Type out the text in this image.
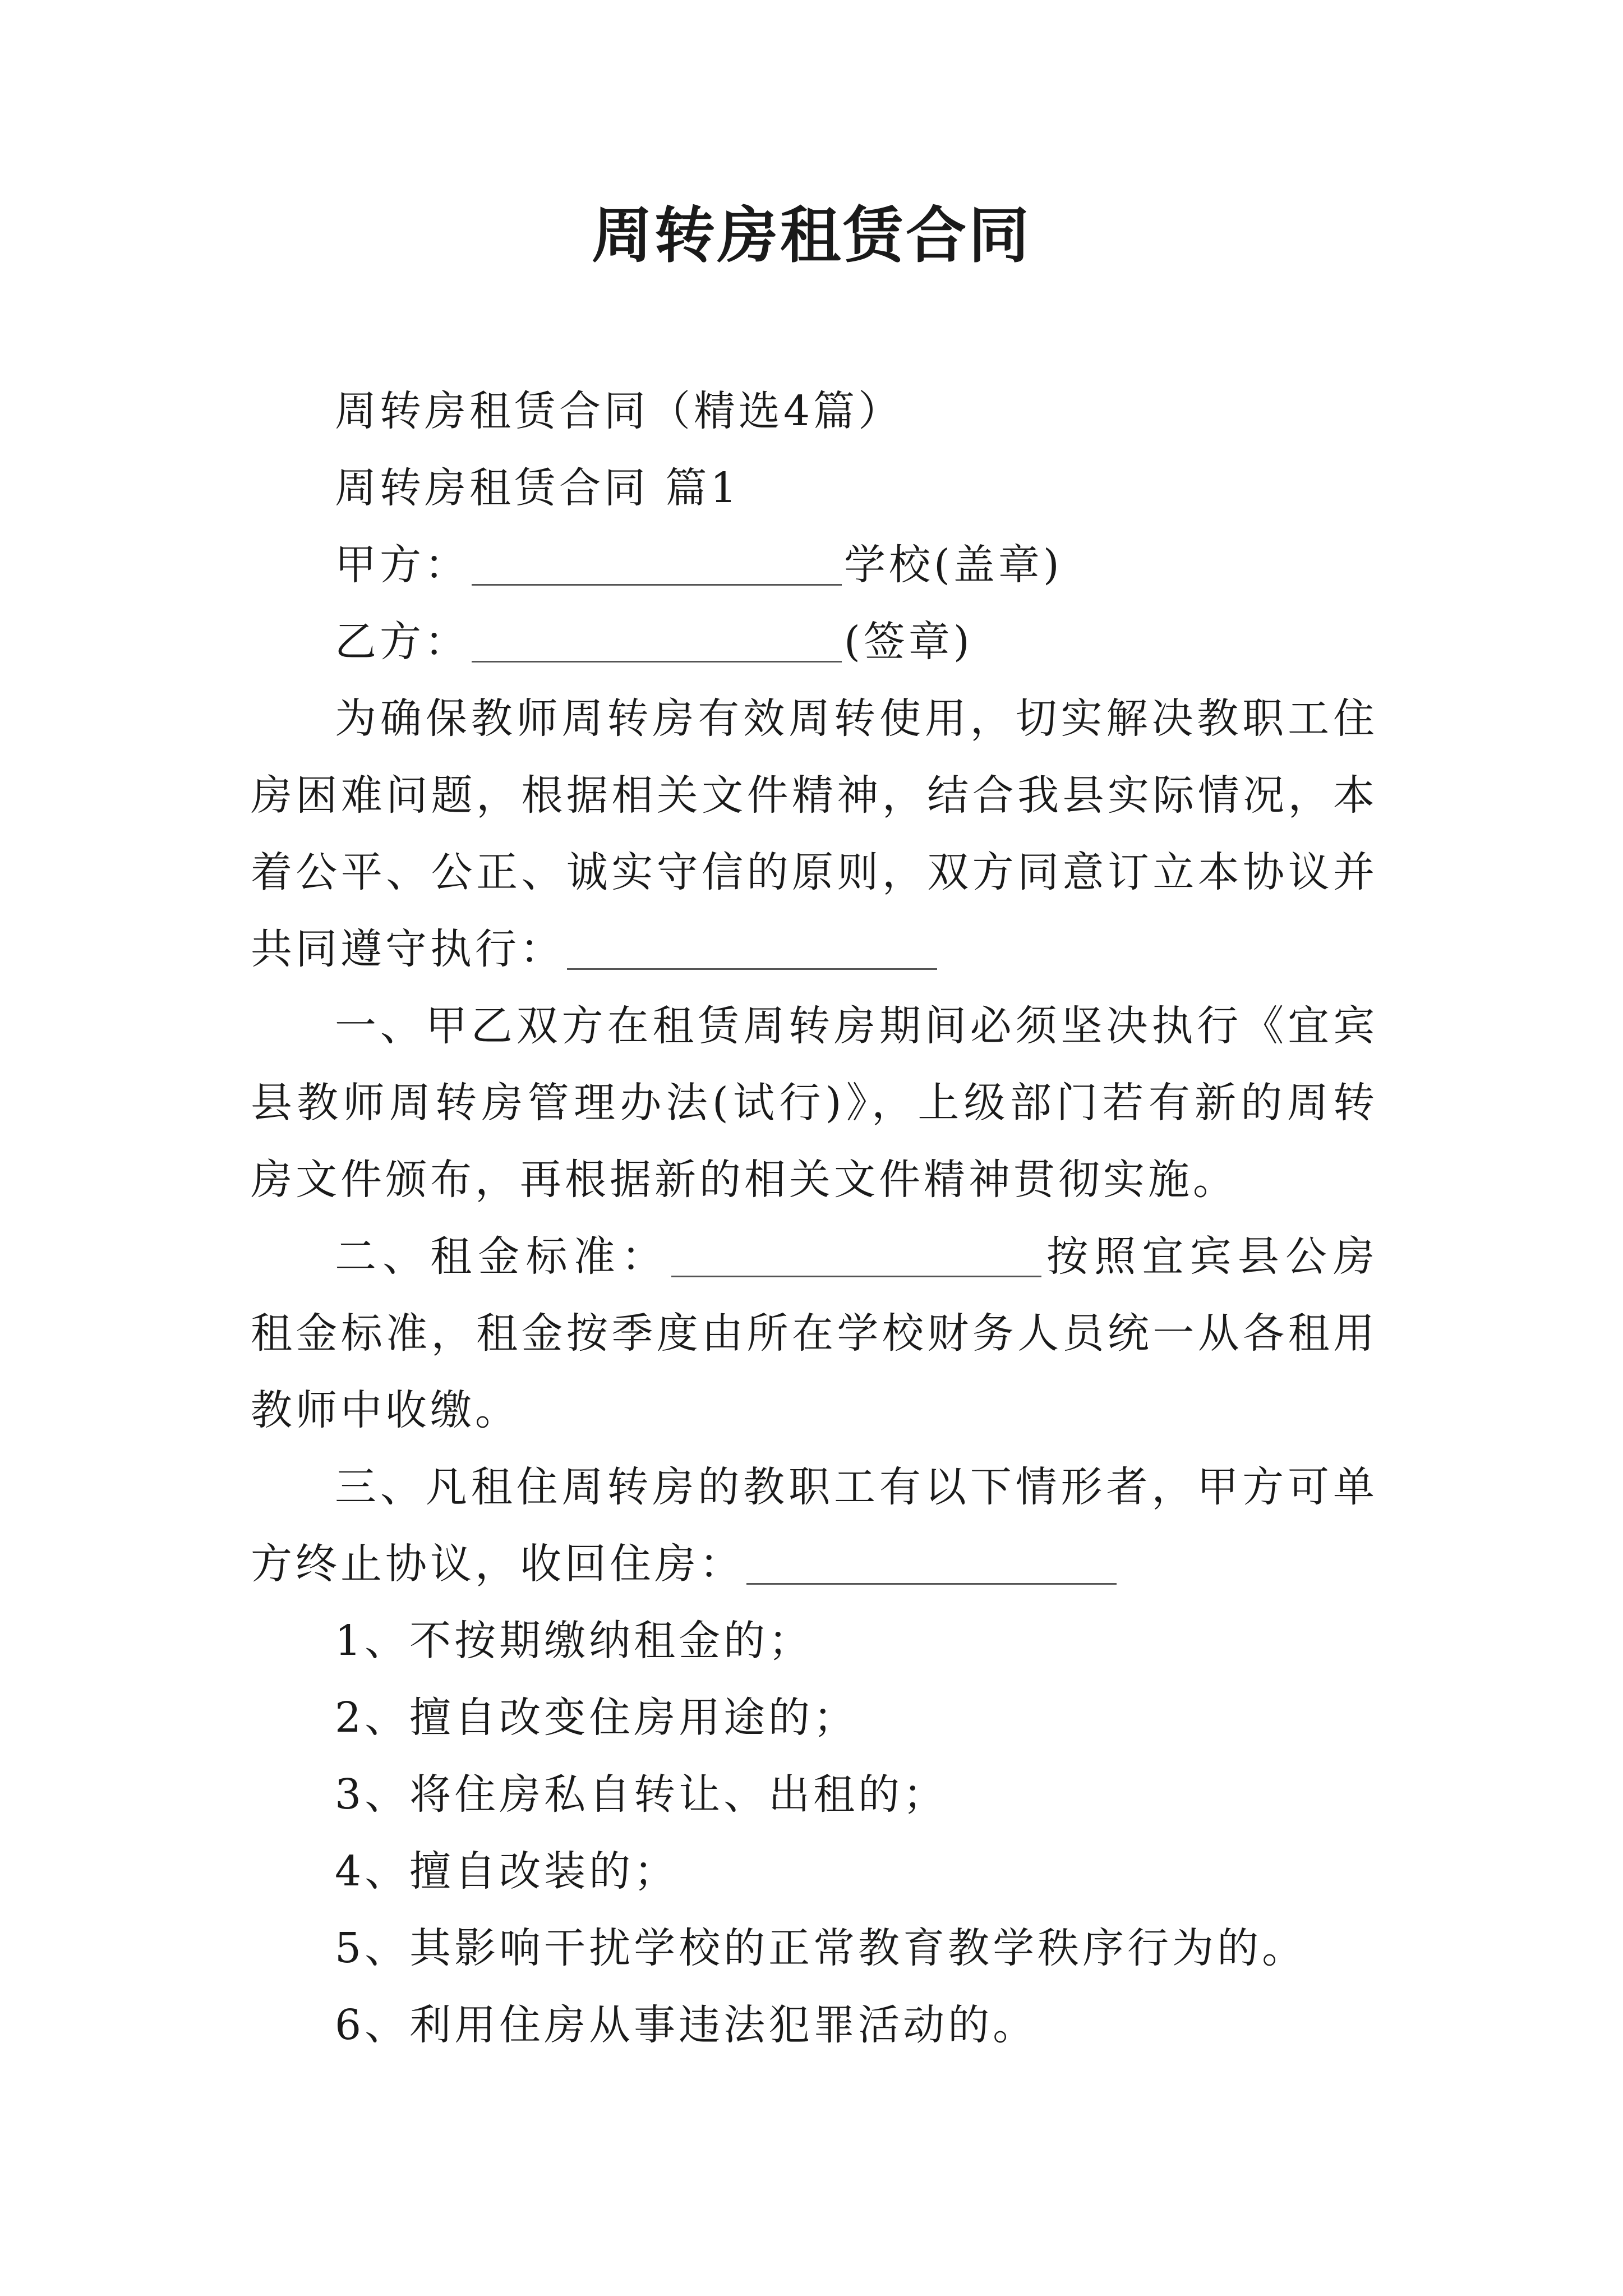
周转房租赁合同

周转房租赁合同（精选4篇）

周转房租赁合同 篇1

甲方：	学校(盖章)

乙方：	(签章)

为确保教师周转房有效周转使用，切实解决教职工住房困难问题，根据相关文件精神，结合我县实际情况，本着公平、公正、诚实守信的原则，双方同意订立本协议并共同遵守执行：

一、甲乙双方在租赁周转房期间必须坚决执行《宜宾县教师周转房管理办法(试行)》，上级部门若有新的周转房文件颁布，再根据新的相关文件精神贯彻实施。

二、租金标准：	按照宜宾县公房租金标准，租金按季度由所在学校财务人员统一从各租用教师中收缴。

三、凡租住周转房的教职工有以下情形者，甲方可单方终止协议，收回住房：

1、不按期缴纳租金的；

2、擅自改变住房用途的；

3、将住房私自转让、出租的；

4、擅自改装的；

5、其影响干扰学校的正常教育教学秩序行为的。

6、利用住房从事违法犯罪活动的。
